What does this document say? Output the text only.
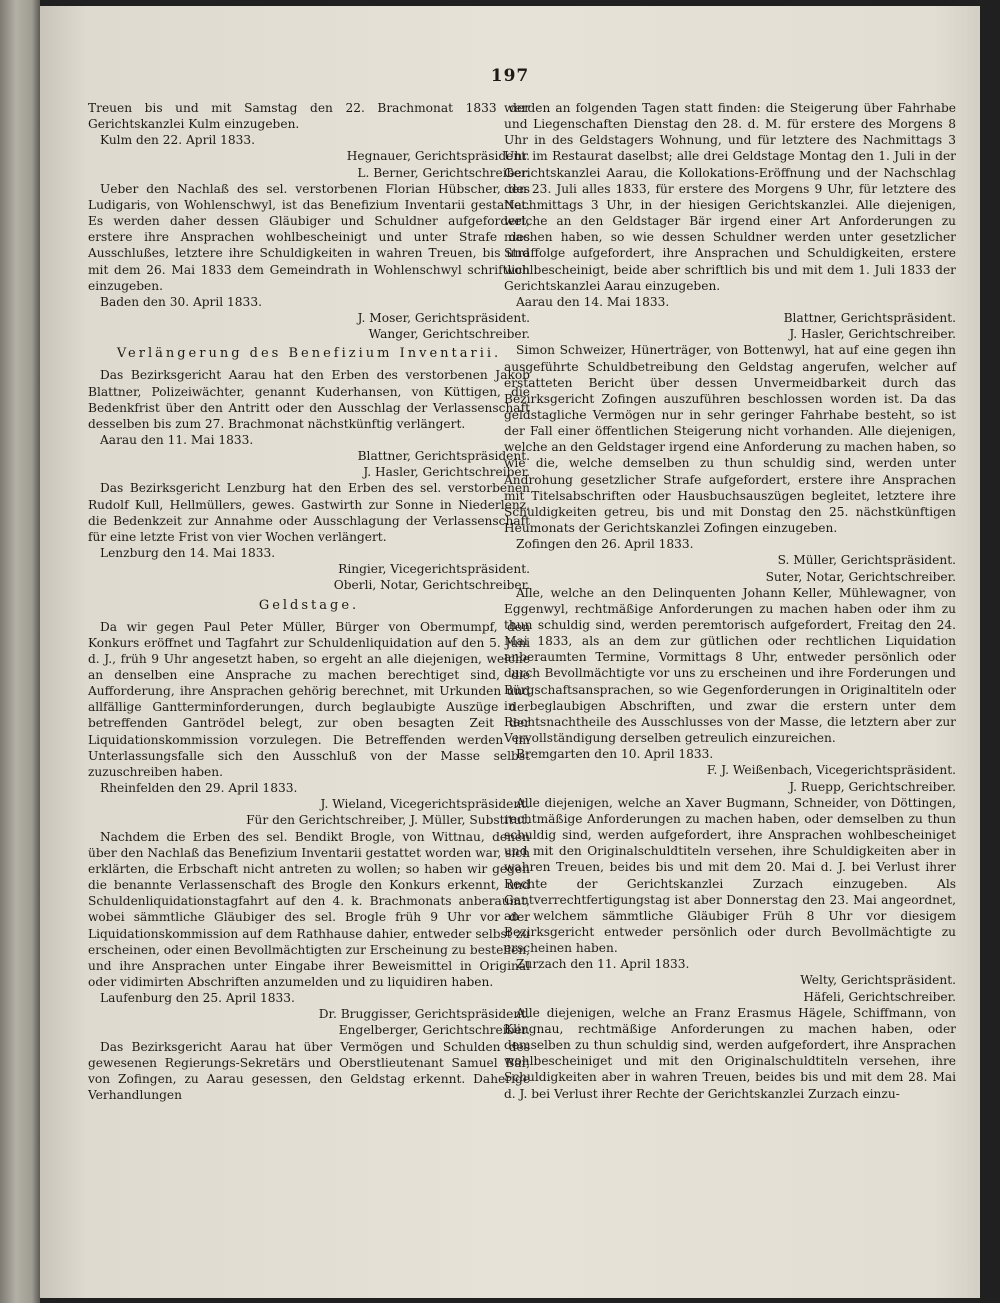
197

Treuen bis und mit Samstag den 22. Brachmonat 1833 der Gerichtskanzlei Kulm einzugeben.

Kulm den 22. April 1833.

Hegnauer, Gerichtspräsident.

L. Berner, Gerichtschreiber.

Ueber den Nachlaß des sel. verstorbenen Florian Hübscher, des Ludigaris, von Wohlenschwyl, ist das Benefizium Inventarii gestattet. Es werden daher dessen Gläubiger und Schuldner aufgefordert, erstere ihre Ansprachen wohlbescheinigt und unter Strafe des Ausschlußes, letztere ihre Schuldigkeiten in wahren Treuen, bis und mit dem 26. Mai 1833 dem Gemeindrath in Wohlenschwyl schriftlich einzugeben.

Baden den 30. April 1833.

J. Moser, Gerichtspräsident.

Wanger, Gerichtschreiber.

Verlängerung des Benefizium Inventarii.

Das Bezirksgericht Aarau hat den Erben des verstorbenen Jakob Blattner, Polizeiwächter, genannt Kuderhansen, von Küttigen, die Bedenkfrist über den Antritt oder den Ausschlag der Verlassenschaft desselben bis zum 27. Brachmonat nächstkünftig verlängert.

Aarau den 11. Mai 1833.

Blattner, Gerichtspräsident.

J. Hasler, Gerichtschreiber.

Das Bezirksgericht Lenzburg hat den Erben des sel. verstorbenen Rudolf Kull, Hellmüllers, gewes. Gastwirth zur Sonne in Niederlenz, die Bedenkzeit zur Annahme oder Ausschlagung der Verlassenschaft für eine letzte Frist von vier Wochen verlängert.

Lenzburg den 14. Mai 1833.

Ringier, Vicegerichtspräsident.

Oberli, Notar, Gerichtschreiber.

Geldstage.

Da wir gegen Paul Peter Müller, Bürger von Obermumpf, den Konkurs eröffnet und Tagfahrt zur Schuldenliquidation auf den 5. Juni d. J., früh 9 Uhr angesetzt haben, so ergeht an alle diejenigen, welche an denselben eine Ansprache zu machen berechtiget sind, die Aufforderung, ihre Ansprachen gehörig berechnet, mit Urkunden und allfällige Gantterminforderungen, durch beglaubigte Auszüge der betreffenden Gantrödel belegt, zur oben besagten Zeit der Liquidationskommission vorzulegen. Die Betreffenden werden im Unterlassungsfalle sich den Ausschluß von der Masse selbst zuzuschreiben haben.

Rheinfelden den 29. April 1833.

J. Wieland, Vicegerichtspräsident.

Für den Gerichtschreiber, J. Müller, Substitut.

Nachdem die Erben des sel. Bendikt Brogle, von Wittnau, denen über den Nachlaß das Benefizium Inventarii gestattet worden war, sich erklärten, die Erbschaft nicht antreten zu wollen; so haben wir gegen die benannte Verlassenschaft des Brogle den Konkurs erkennt, und Schuldenliquidationstagfahrt auf den 4. k. Brachmonats anberaumt, wobei sämmtliche Gläubiger des sel. Brogle früh 9 Uhr vor der Liquidationskommission auf dem Rathhause dahier, entweder selbst zu erscheinen, oder einen Bevollmächtigten zur Erscheinung zu bestellen, und ihre Ansprachen unter Eingabe ihrer Beweismittel in Original oder vidimirten Abschriften anzumelden und zu liquidiren haben.

Laufenburg den 25. April 1833.

Dr. Bruggisser, Gerichtspräsident.

Engelberger, Gerichtschreiber.

Das Bezirksgericht Aarau hat über Vermögen und Schulden des gewesenen Regierungs-Sekretärs und Oberstlieutenant Samuel Bär, von Zofingen, zu Aarau gesessen, den Geldstag erkennt. Daherige Verhandlungen

werden an folgenden Tagen statt finden: die Steigerung über Fahrhabe und Liegenschaften Dienstag den 28. d. M. für erstere des Morgens 8 Uhr in des Geldstagers Wohnung, und für letztere des Nachmittags 3 Uhr im Restaurat daselbst; alle drei Geldstage Montag den 1. Juli in der Gerichtskanzlei Aarau, die Kollokations-Eröffnung und der Nachschlag den 23. Juli alles 1833, für erstere des Morgens 9 Uhr, für letztere des Nachmittags 3 Uhr, in der hiesigen Gerichtskanzlei. Alle diejenigen, welche an den Geldstager Bär irgend einer Art Anforderungen zu machen haben, so wie dessen Schuldner werden unter gesetzlicher Straffolge aufgefordert, ihre Ansprachen und Schuldigkeiten, erstere wohlbescheinigt, beide aber schriftlich bis und mit dem 1. Juli 1833 der Gerichtskanzlei Aarau einzugeben.

Aarau den 14. Mai 1833.

Blattner, Gerichtspräsident.

J. Hasler, Gerichtschreiber.

Simon Schweizer, Hünerträger, von Bottenwyl, hat auf eine gegen ihn ausgeführte Schuldbetreibung den Geldstag angerufen, welcher auf erstatteten Bericht über dessen Unvermeidbarkeit durch das Bezirksgericht Zofingen auszuführen beschlossen worden ist. Da das geldstagliche Vermögen nur in sehr geringer Fahrhabe besteht, so ist der Fall einer öffentlichen Steigerung nicht vorhanden. Alle diejenigen, welche an den Geldstager irgend eine Anforderung zu machen haben, so wie die, welche demselben zu thun schuldig sind, werden unter Androhung gesetzlicher Strafe aufgefordert, erstere ihre Ansprachen mit Titelsabschriften oder Hausbuchsauszügen begleitet, letztere ihre Schuldigkeiten getreu, bis und mit Donstag den 25. nächstkünftigen Heumonats der Gerichtskanzlei Zofingen einzugeben.

Zofingen den 26. April 1833.

S. Müller, Gerichtspräsident.

Suter, Notar, Gerichtschreiber.

Alle, welche an den Delinquenten Johann Keller, Mühlewagner, von Eggenwyl, rechtmäßige Anforderungen zu machen haben oder ihm zu thun schuldig sind, werden peremtorisch aufgefordert, Freitag den 24. Mai 1833, als an dem zur gütlichen oder rechtlichen Liquidation anberaumten Termine, Vormittags 8 Uhr, entweder persönlich oder durch Bevollmächtigte vor uns zu erscheinen und ihre Forderungen und Bürgschaftsansprachen, so wie Gegenforderungen in Originaltiteln oder in beglaubigen Abschriften, und zwar die erstern unter dem Rechtsnachtheile des Ausschlusses von der Masse, die letztern aber zur Vervollständigung derselben getreulich einzureichen.

Bremgarten den 10. April 1833.

F. J. Weißenbach, Vicegerichtspräsident.

J. Ruepp, Gerichtschreiber.

Alle diejenigen, welche an Xaver Bugmann, Schneider, von Döttingen, rechtmäßige Anforderungen zu machen haben, oder demselben zu thun schuldig sind, werden aufgefordert, ihre Ansprachen wohlbescheiniget und mit den Originalschuldtiteln versehen, ihre Schuldigkeiten aber in wahren Treuen, beides bis und mit dem 20. Mai d. J. bei Verlust ihrer Rechte der Gerichtskanzlei Zurzach einzugeben. Als Gantverrechtfertigungstag ist aber Donnerstag den 23. Mai angeordnet, an welchem sämmtliche Gläubiger Früh 8 Uhr vor diesigem Bezirksgericht entweder persönlich oder durch Bevollmächtigte zu erscheinen haben.

Zurzach den 11. April 1833.

Welty, Gerichtspräsident.

Häfeli, Gerichtschreiber.

Alle diejenigen, welche an Franz Erasmus Hägele, Schiffmann, von Klingnau, rechtmäßige Anforderungen zu machen haben, oder demselben zu thun schuldig sind, werden aufgefordert, ihre Ansprachen wohlbescheiniget und mit den Originalschuldtiteln versehen, ihre Schuldigkeiten aber in wahren Treuen, beides bis und mit dem 28. Mai d. J. bei Verlust ihrer Rechte der Gerichtskanzlei Zurzach einzu-
